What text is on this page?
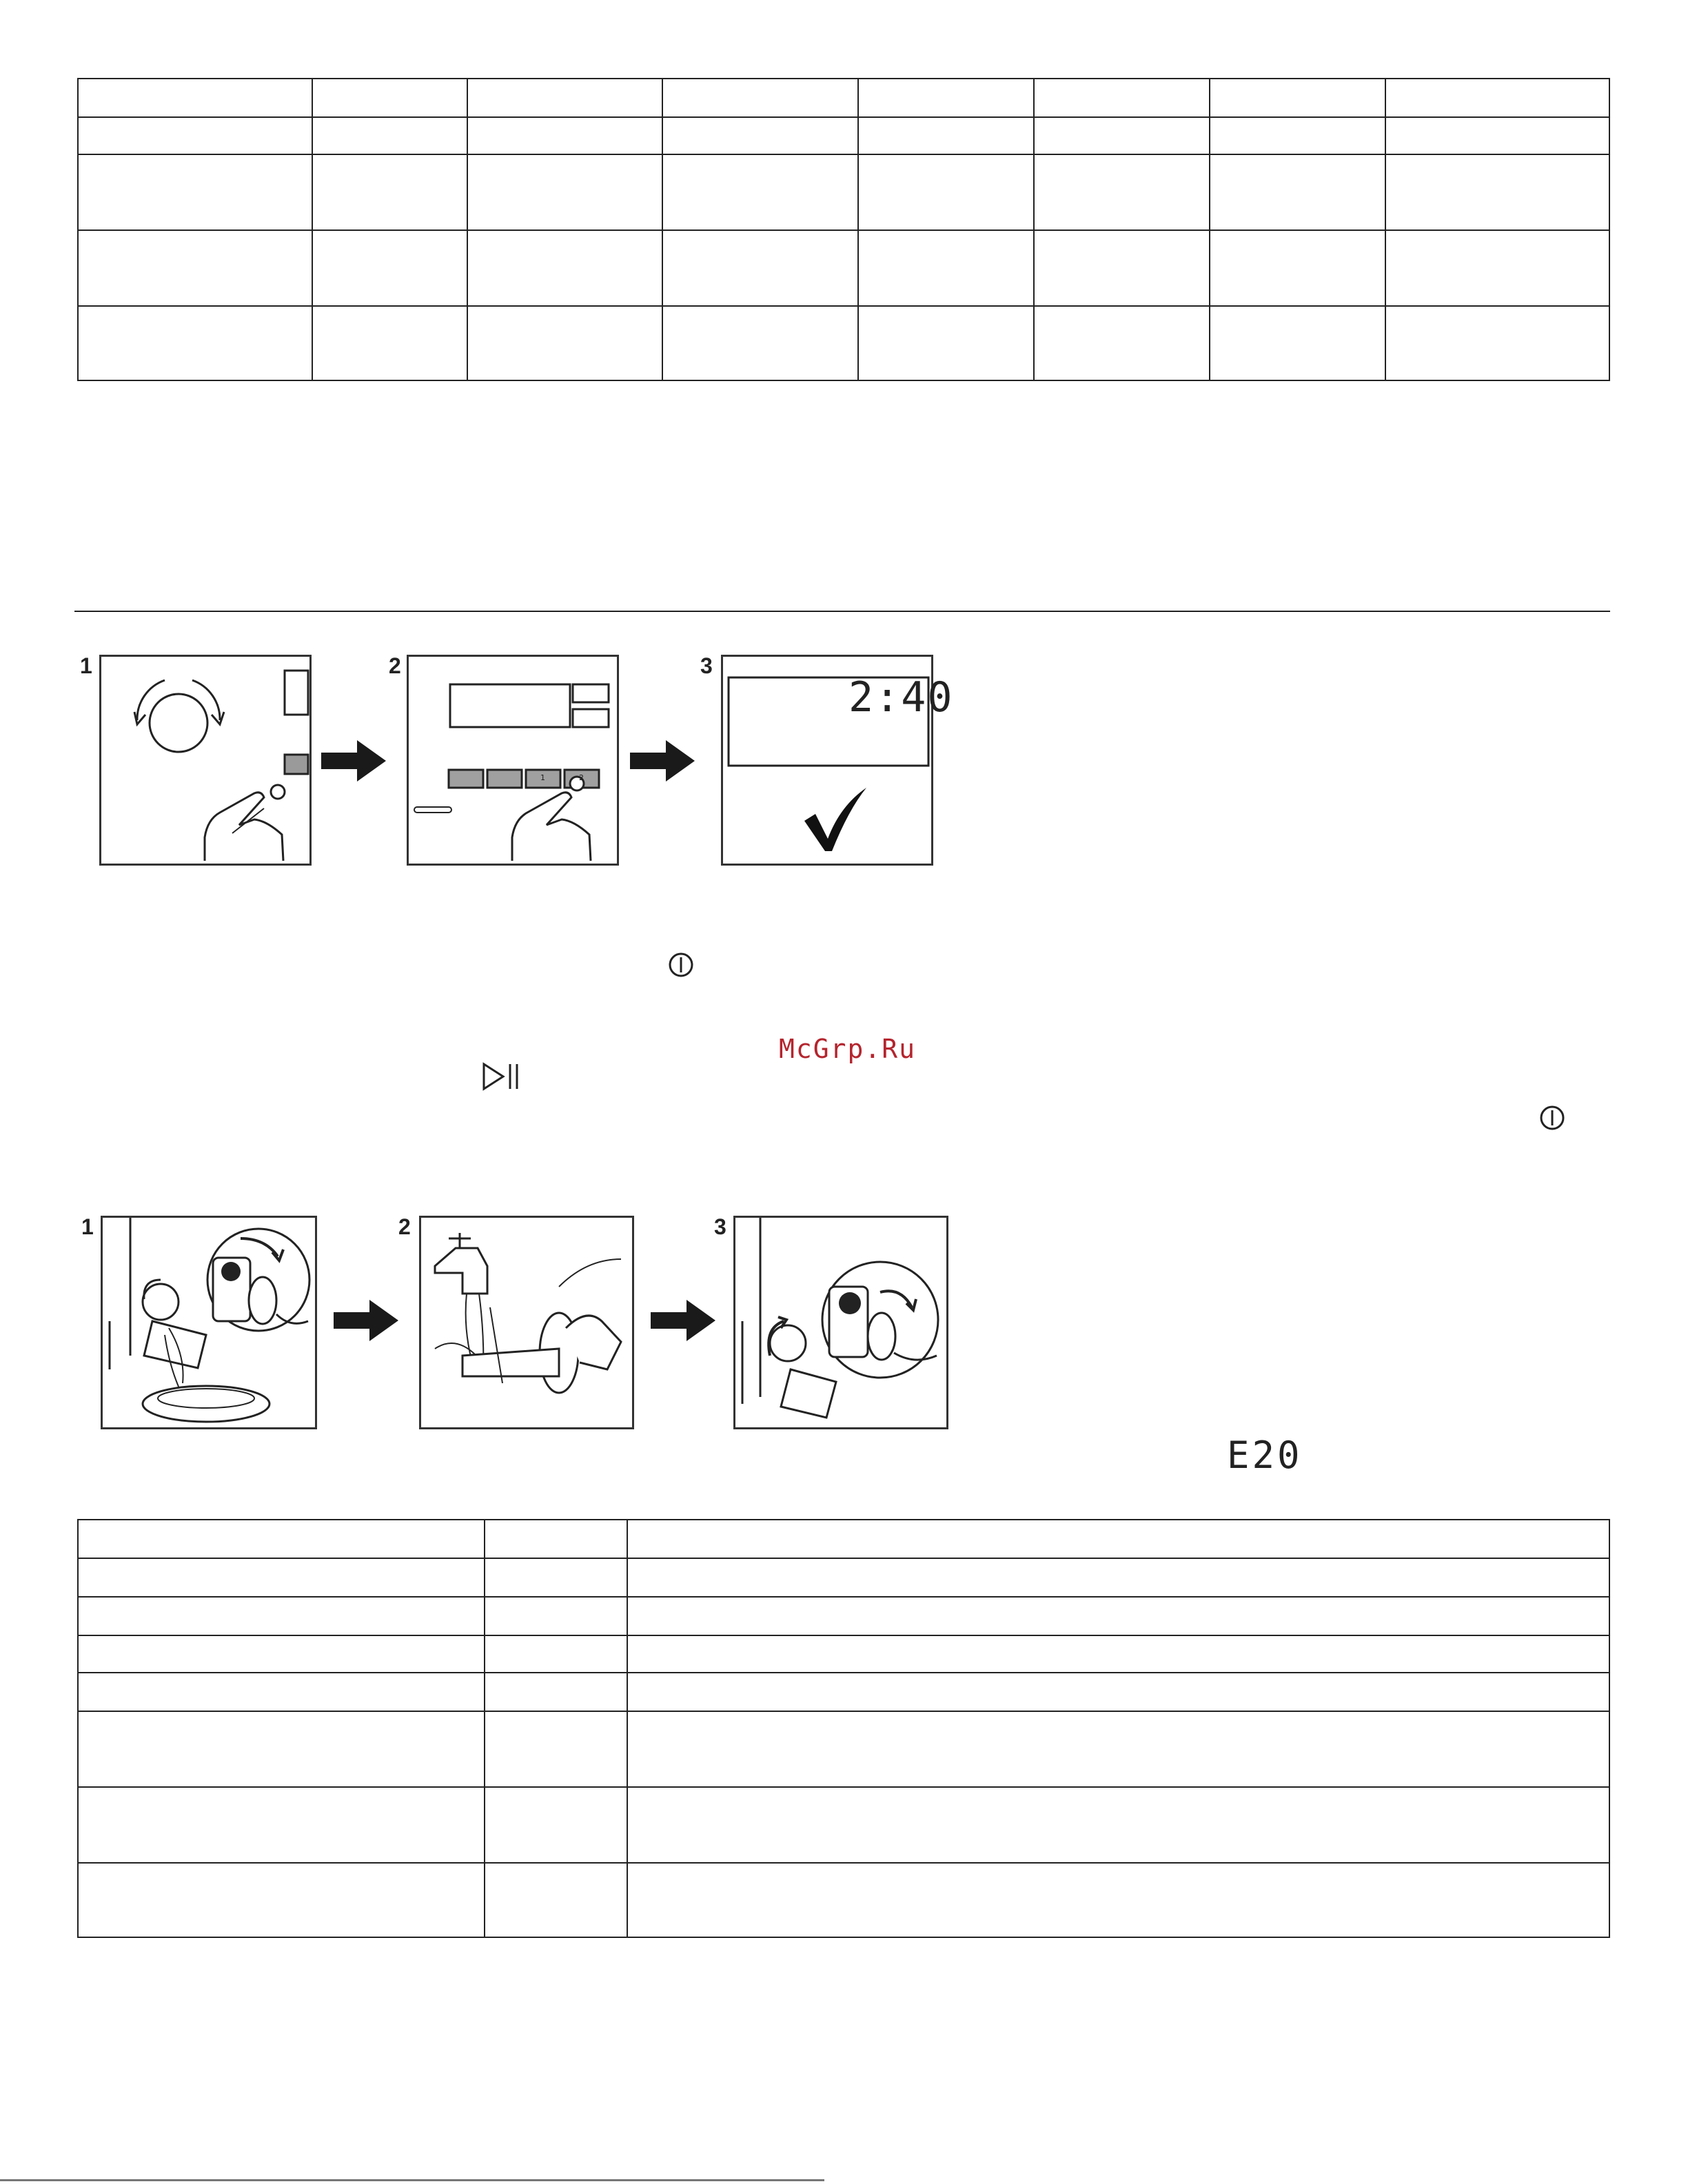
1	2
1	2
3
2:40
McGrp.Ru
1	2	3
E20
